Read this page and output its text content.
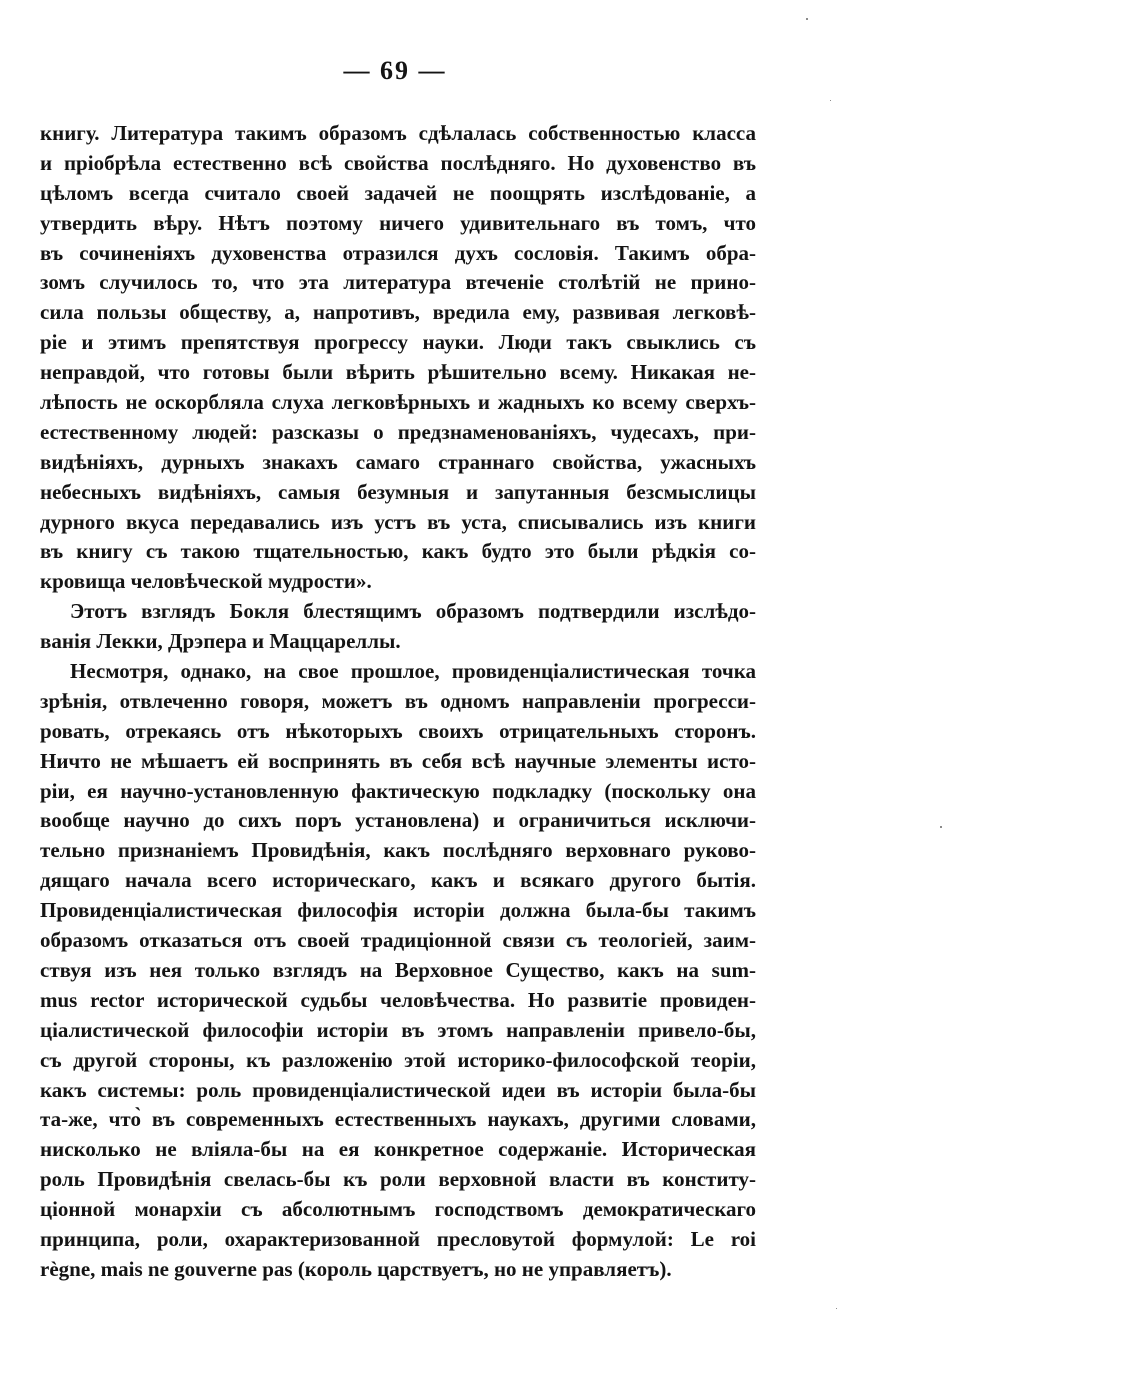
— 69 —
книгу. Литература такимъ образомъ сдѣлалась собственностью класса
и пріобрѣла естественно всѣ свойства послѣдняго. Но духовенство въ
цѣломъ всегда считало своей задачей не поощрять изслѣдованіе, а
утвердить вѣру. Нѣтъ поэтому ничего удивительнаго въ томъ, что
въ сочиненіяхъ духовенства отразился духъ сословія. Такимъ обра-
зомъ случилось то, что эта литература втеченіе столѣтій не прино-
сила пользы обществу, а, напротивъ, вредила ему, развивая легковѣ-
ріе и этимъ препятствуя прогрессу науки. Люди такъ свыклись съ
неправдой, что готовы были вѣрить рѣшительно всему. Никакая не-
лѣпость не оскорбляла слуха легковѣрныхъ и жадныхъ ко всему сверхъ-
естественному людей: разсказы о предзнаменованіяхъ, чудесахъ, при-
видѣніяхъ, дурныхъ знакахъ самаго страннаго свойства, ужасныхъ
небесныхъ видѣніяхъ, самыя безумныя и запутанныя безсмыслицы
дурного вкуса передавались изъ устъ въ уста, списывались изъ книги
въ книгу съ такою тщательностью, какъ будто это были рѣдкія со-
кровища человѣческой мудрости».
Этотъ взглядъ Бокля блестящимъ образомъ подтвердили изслѣдо-
ванія Лекки, Дрэпера и Маццареллы.
Несмотря, однако, на свое прошлое, провиденціалистическая точка
зрѣнія, отвлеченно говоря, можетъ въ одномъ направленіи прогресси-
ровать, отрекаясь отъ нѣкоторыхъ своихъ отрицательныхъ сторонъ.
Ничто не мѣшаетъ ей воспринять въ себя всѣ научные элементы исто-
ріи, ея научно-установленную фактическую подкладку (поскольку она
вообще научно до сихъ поръ установлена) и ограничиться исключи-
тельно признаніемъ Провидѣнія, какъ послѣдняго верховнаго руково-
дящаго начала всего историческаго, какъ и всякаго другого бытія.
Провиденціалистическая философія исторіи должна была-бы такимъ
образомъ отказаться отъ своей традиціонной связи съ теологіей, заим-
ствуя изъ нея только взглядъ на Верховное Существо, какъ на sum-
mus rector исторической судьбы человѣчества. Но развитіе провиден-
ціалистической философіи исторіи въ этомъ направленіи привело-бы,
съ другой стороны, къ разложенію этой историко-философской теоріи,
какъ системы: роль провиденціалистической идеи въ исторіи была-бы
та-же, что̀ въ современныхъ естественныхъ наукахъ, другими словами,
нисколько не вліяла-бы на ея конкретное содержаніе. Историческая
роль Провидѣнія свелась-бы къ роли верховной власти въ конститу-
ціонной монархіи съ абсолютнымъ господствомъ демократическаго
принципа, роли, охарактеризованной пресловутой формулой: Le roi
règne, mais ne gouverne pas (король царствуетъ, но не управляетъ).
